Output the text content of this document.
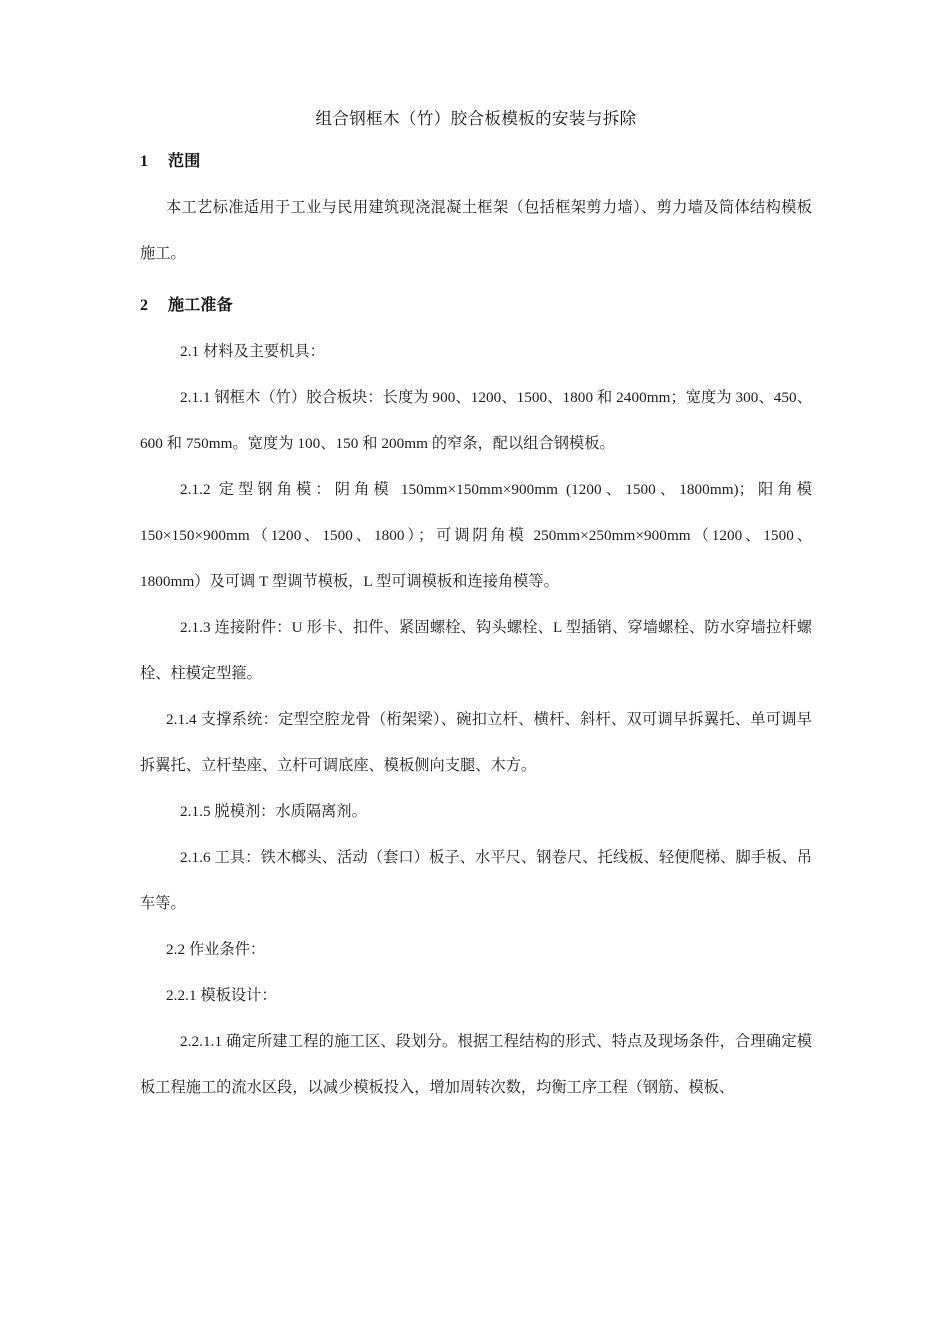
组合钢框木（竹）胶合板模板的安装与拆除
1 范围

本工艺标准适用于工业与民用建筑现浇混凝土框架（包括框架剪力墙）、剪力墙及筒体结构模板施工。

2 施工准备

2.1 材料及主要机具：

2.1.1 钢框木（竹）胶合板块：长度为 900、1200、1500、1800 和 2400mm；宽度为 300、450、600 和 750mm。宽度为 100、150 和 200mm 的窄条，配以组合钢模板。

2.1.2 定型钢角模：阴角模 150mm×150mm×900mm (1200、1500、1800mm)；阳角模 150×150×900mm（1200、1500、1800）；可调阴角模 250mm×250mm×900mm（1200、1500、1800mm）及可调 T 型调节模板，L 型可调模板和连接角模等。

2.1.3 连接附件：U 形卡、扣件、紧固螺栓、钩头螺栓、L 型插销、穿墙螺栓、防水穿墙拉杆螺栓、柱模定型箍。

2.1.4 支撑系统：定型空腔龙骨（桁架梁）、碗扣立杆、横杆、斜杆、双可调早拆翼托、单可调早拆翼托、立杆垫座、立杆可调底座、模板侧向支腿、木方。

2.1.5 脱模剂：水质隔离剂。

2.1.6 工具：铁木榔头、活动（套口）板子、水平尺、钢卷尺、托线板、轻便爬梯、脚手板、吊车等。

2.2 作业条件：

2.2.1 模板设计：

2.2.1.1 确定所建工程的施工区、段划分。根据工程结构的形式、特点及现场条件，合理确定模板工程施工的流水区段，以减少模板投入，增加周转次数，均衡工序工程（钢筋、模板、
